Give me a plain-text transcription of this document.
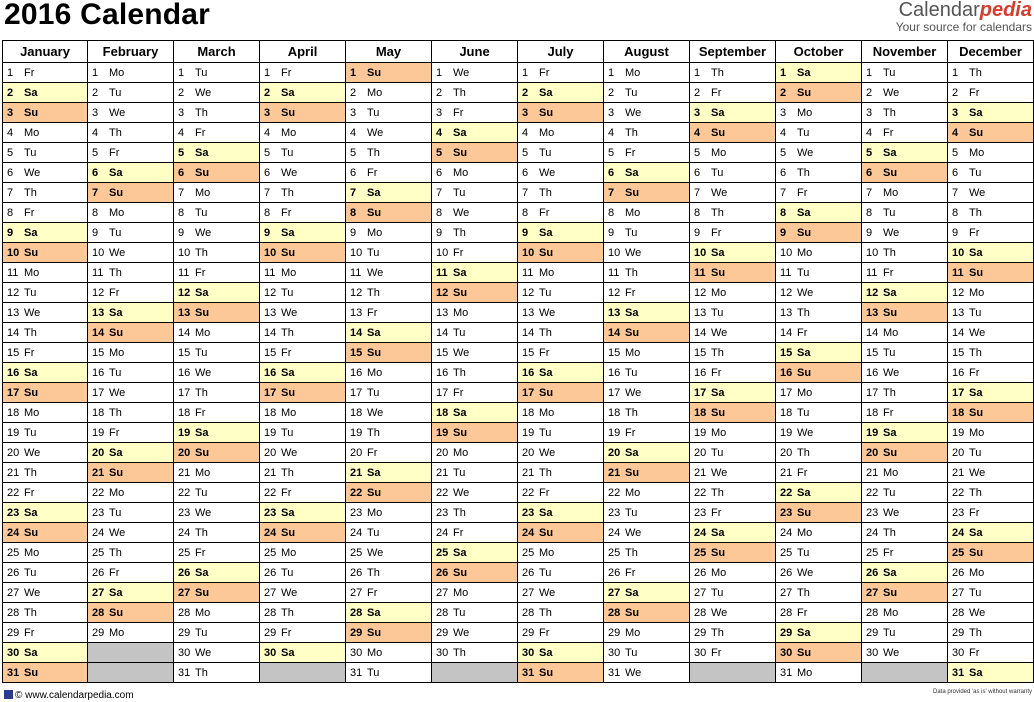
2016 Calendar	Calendarpedia
Your source for calendars
January	February	March	April	May	June	July	August	September	October	November	December
1 Fr	1 Mo	1 Tu	1 Fr	1 Su	1 We	1 Fr	1 Mo	1 Th	1 Sa	1 Tu	1 Th
2 Sa	2 Tu	2 We	2 Sa	2 Mo	2 Th	2 Sa	2 Tu	2 Fr	2 Su	2 We	2 Fr
3 Su	3 We	3 Th	3 Su	3 Tu	3 Fr	3 Su	3 We	3 Sa	3 Mo	3 Th	3 Sa
4 Mo	4 Th	4 Fr	4 Mo	4 We	4 Sa	4 Mo	4 Th	4 Su	4 Tu	4 Fr	4 Su
5 Tu	5 Fr	5 Sa	5 Tu	5 Th	5 Su	5 Tu	5 Fr	5 Mo	5 We	5 Sa	5 Mo
6 We	6 Sa	6 Su	6 We	6 Fr	6 Mo	6 We	6 Sa	6 Tu	6 Th	6 Su	6 Tu
7 Th	7 Su	7 Mo	7 Th	7 Sa	7 Tu	7 Th	7 Su	7 We	7 Fr	7 Mo	7 We
8 Fr	8 Mo	8 Tu	8 Fr	8 Su	8 We	8 Fr	8 Mo	8 Th	8 Sa	8 Tu	8 Th
9 Sa	9 Tu	9 We	9 Sa	9 Mo	9 Th	9 Sa	9 Tu	9 Fr	9 Su	9 We	9 Fr
10 Su	10 We	10 Th	10 Su	10 Tu	10 Fr	10 Su	10 We	10 Sa	10 Mo	10 Th	10 Sa
11 Mo	11 Th	11 Fr	11 Mo	11 We	11 Sa	11 Mo	11 Th	11 Su	11 Tu	11 Fr	11 Su
12 Tu	12 Fr	12 Sa	12 Tu	12 Th	12 Su	12 Tu	12 Fr	12 Mo	12 We	12 Sa	12 Mo
13 We	13 Sa	13 Su	13 We	13 Fr	13 Mo	13 We	13 Sa	13 Tu	13 Th	13 Su	13 Tu
14 Th	14 Su	14 Mo	14 Th	14 Sa	14 Tu	14 Th	14 Su	14 We	14 Fr	14 Mo	14 We
15 Fr	15 Mo	15 Tu	15 Fr	15 Su	15 We	15 Fr	15 Mo	15 Th	15 Sa	15 Tu	15 Th
16 Sa	16 Tu	16 We	16 Sa	16 Mo	16 Th	16 Sa	16 Tu	16 Fr	16 Su	16 We	16 Fr
17 Su	17 We	17 Th	17 Su	17 Tu	17 Fr	17 Su	17 We	17 Sa	17 Mo	17 Th	17 Sa
18 Mo	18 Th	18 Fr	18 Mo	18 We	18 Sa	18 Mo	18 Th	18 Su	18 Tu	18 Fr	18 Su
19 Tu	19 Fr	19 Sa	19 Tu	19 Th	19 Su	19 Tu	19 Fr	19 Mo	19 We	19 Sa	19 Mo
20 We	20 Sa	20 Su	20 We	20 Fr	20 Mo	20 We	20 Sa	20 Tu	20 Th	20 Su	20 Tu
21 Th	21 Su	21 Mo	21 Th	21 Sa	21 Tu	21 Th	21 Su	21 We	21 Fr	21 Mo	21 We
22 Fr	22 Mo	22 Tu	22 Fr	22 Su	22 We	22 Fr	22 Mo	22 Th	22 Sa	22 Tu	22 Th
23 Sa	23 Tu	23 We	23 Sa	23 Mo	23 Th	23 Sa	23 Tu	23 Fr	23 Su	23 We	23 Fr
24 Su	24 We	24 Th	24 Su	24 Tu	24 Fr	24 Su	24 We	24 Sa	24 Mo	24 Th	24 Sa
25 Mo	25 Th	25 Fr	25 Mo	25 We	25 Sa	25 Mo	25 Th	25 Su	25 Tu	25 Fr	25 Su
26 Tu	26 Fr	26 Sa	26 Tu	26 Th	26 Su	26 Tu	26 Fr	26 Mo	26 We	26 Sa	26 Mo
27 We	27 Sa	27 Su	27 We	27 Fr	27 Mo	27 We	27 Sa	27 Tu	27 Th	27 Su	27 Tu
28 Th	28 Su	28 Mo	28 Th	28 Sa	28 Tu	28 Th	28 Su	28 We	28 Fr	28 Mo	28 We
29 Fr	29 Mo	29 Tu	29 Fr	29 Su	29 We	29 Fr	29 Mo	29 Th	29 Sa	29 Tu	29 Th
30 Sa		30 We	30 Sa	30 Mo	30 Th	30 Sa	30 Tu	30 Fr	30 Su	30 We	30 Fr
31 Su		31 Th		31 Tu		31 Su	31 We		31 Mo		31 Sa
© www.calendarpedia.com	Data provided 'as is' without warranty
